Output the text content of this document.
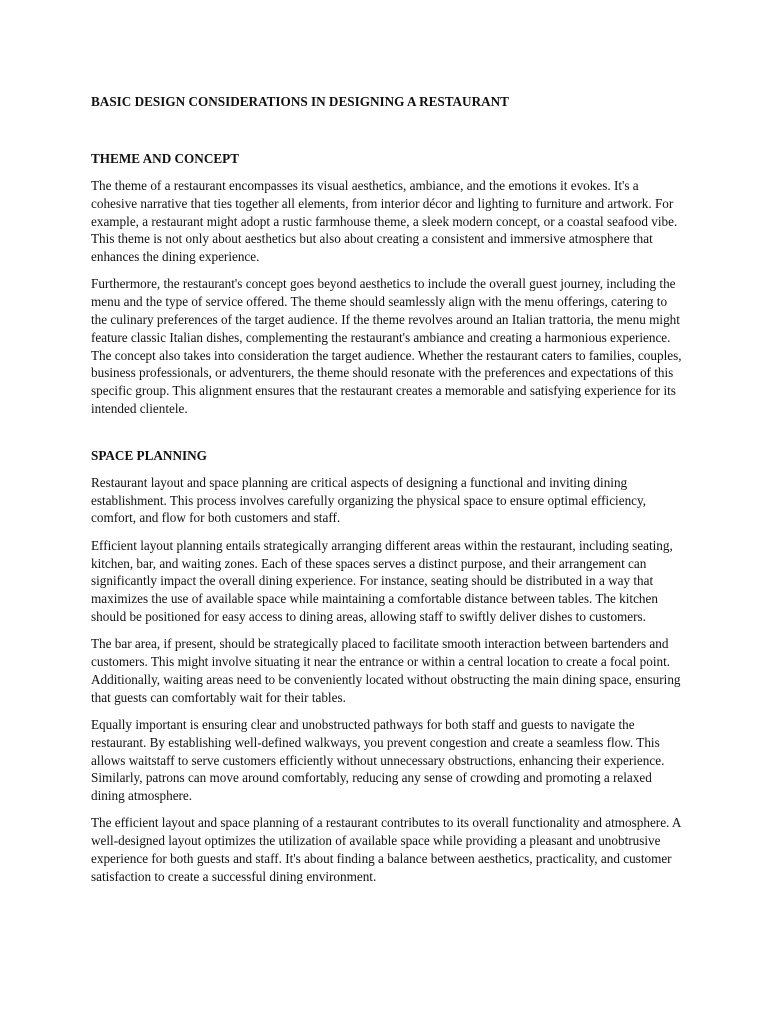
BASIC DESIGN CONSIDERATIONS IN DESIGNING A RESTAURANT
THEME AND CONCEPT

The theme of a restaurant encompasses its visual aesthetics, ambiance, and the emotions it evokes. It's a cohesive narrative that ties together all elements, from interior décor and lighting to furniture and artwork. For example, a restaurant might adopt a rustic farmhouse theme, a sleek modern concept, or a coastal seafood vibe. This theme is not only about aesthetics but also about creating a consistent and immersive atmosphere that enhances the dining experience.

Furthermore, the restaurant's concept goes beyond aesthetics to include the overall guest journey, including the menu and the type of service offered. The theme should seamlessly align with the menu offerings, catering to the culinary preferences of the target audience. If the theme revolves around an Italian trattoria, the menu might feature classic Italian dishes, complementing the restaurant's ambiance and creating a harmonious experience. The concept also takes into consideration the target audience. Whether the restaurant caters to families, couples, business professionals, or adventurers, the theme should resonate with the preferences and expectations of this specific group. This alignment ensures that the restaurant creates a memorable and satisfying experience for its intended clientele.

SPACE PLANNING

Restaurant layout and space planning are critical aspects of designing a functional and inviting dining establishment. This process involves carefully organizing the physical space to ensure optimal efficiency, comfort, and flow for both customers and staff.

Efficient layout planning entails strategically arranging different areas within the restaurant, including seating, kitchen, bar, and waiting zones. Each of these spaces serves a distinct purpose, and their arrangement can significantly impact the overall dining experience. For instance, seating should be distributed in a way that maximizes the use of available space while maintaining a comfortable distance between tables. The kitchen should be positioned for easy access to dining areas, allowing staff to swiftly deliver dishes to customers.

The bar area, if present, should be strategically placed to facilitate smooth interaction between bartenders and customers. This might involve situating it near the entrance or within a central location to create a focal point. Additionally, waiting areas need to be conveniently located without obstructing the main dining space, ensuring that guests can comfortably wait for their tables.

Equally important is ensuring clear and unobstructed pathways for both staff and guests to navigate the restaurant. By establishing well-defined walkways, you prevent congestion and create a seamless flow. This allows waitstaff to serve customers efficiently without unnecessary obstructions, enhancing their experience. Similarly, patrons can move around comfortably, reducing any sense of crowding and promoting a relaxed dining atmosphere.

The efficient layout and space planning of a restaurant contributes to its overall functionality and atmosphere. A well-designed layout optimizes the utilization of available space while providing a pleasant and unobtrusive experience for both guests and staff. It's about finding a balance between aesthetics, practicality, and customer satisfaction to create a successful dining environment.
